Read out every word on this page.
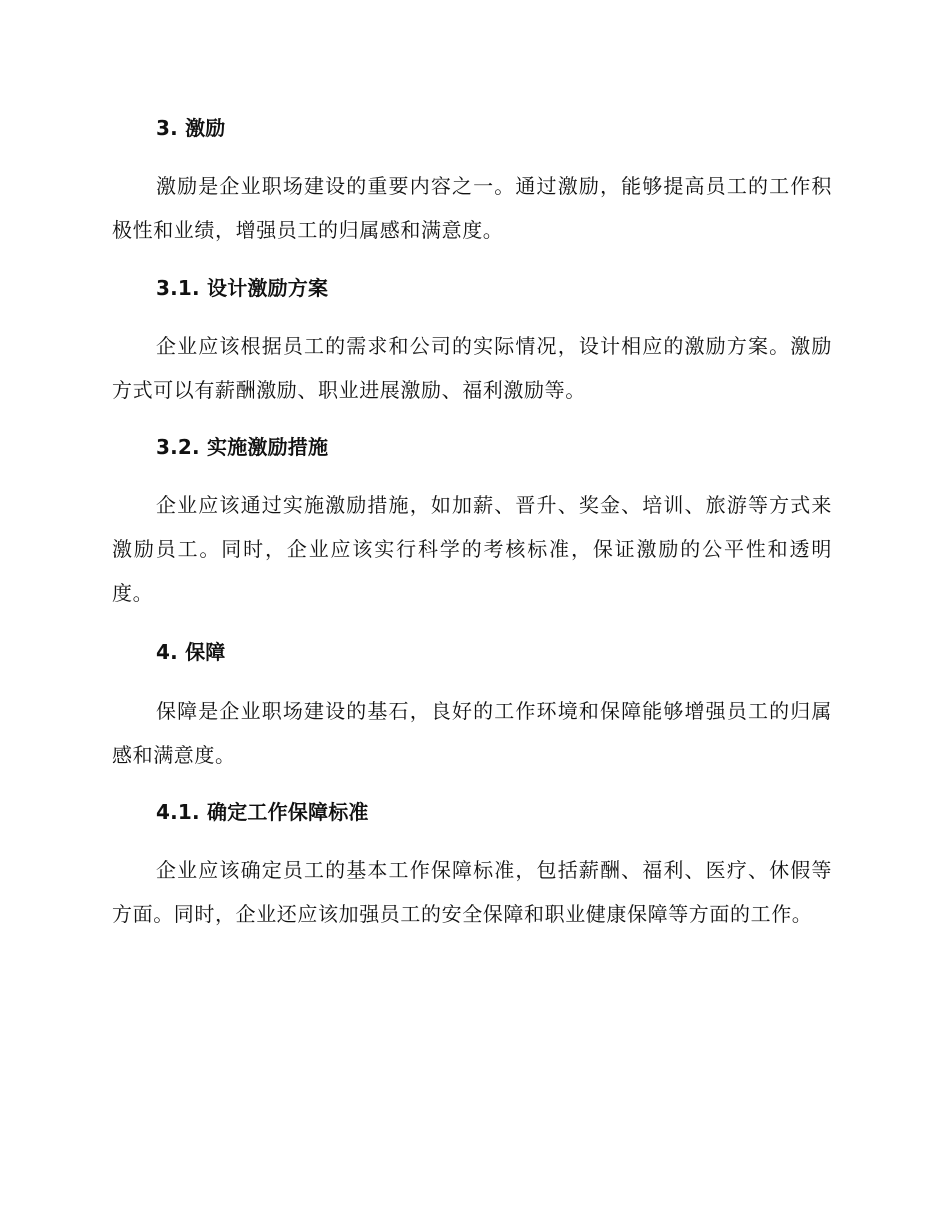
3. 激励
激励是企业职场建设的重要内容之一。通过激励，能够提高员工的工作积极性和业绩，增强员工的归属感和满意度。
3.1. 设计激励方案
企业应该根据员工的需求和公司的实际情况，设计相应的激励方案。激励方式可以有薪酬激励、职业进展激励、福利激励等。
3.2. 实施激励措施
企业应该通过实施激励措施，如加薪、晋升、奖金、培训、旅游等方式来激励员工。同时，企业应该实行科学的考核标准，保证激励的公平性和透明度。
4. 保障
保障是企业职场建设的基石，良好的工作环境和保障能够增强员工的归属感和满意度。
4.1. 确定工作保障标准
企业应该确定员工的基本工作保障标准，包括薪酬、福利、医疗、休假等方面。同时，企业还应该加强员工的安全保障和职业健康保障等方面的工作。
